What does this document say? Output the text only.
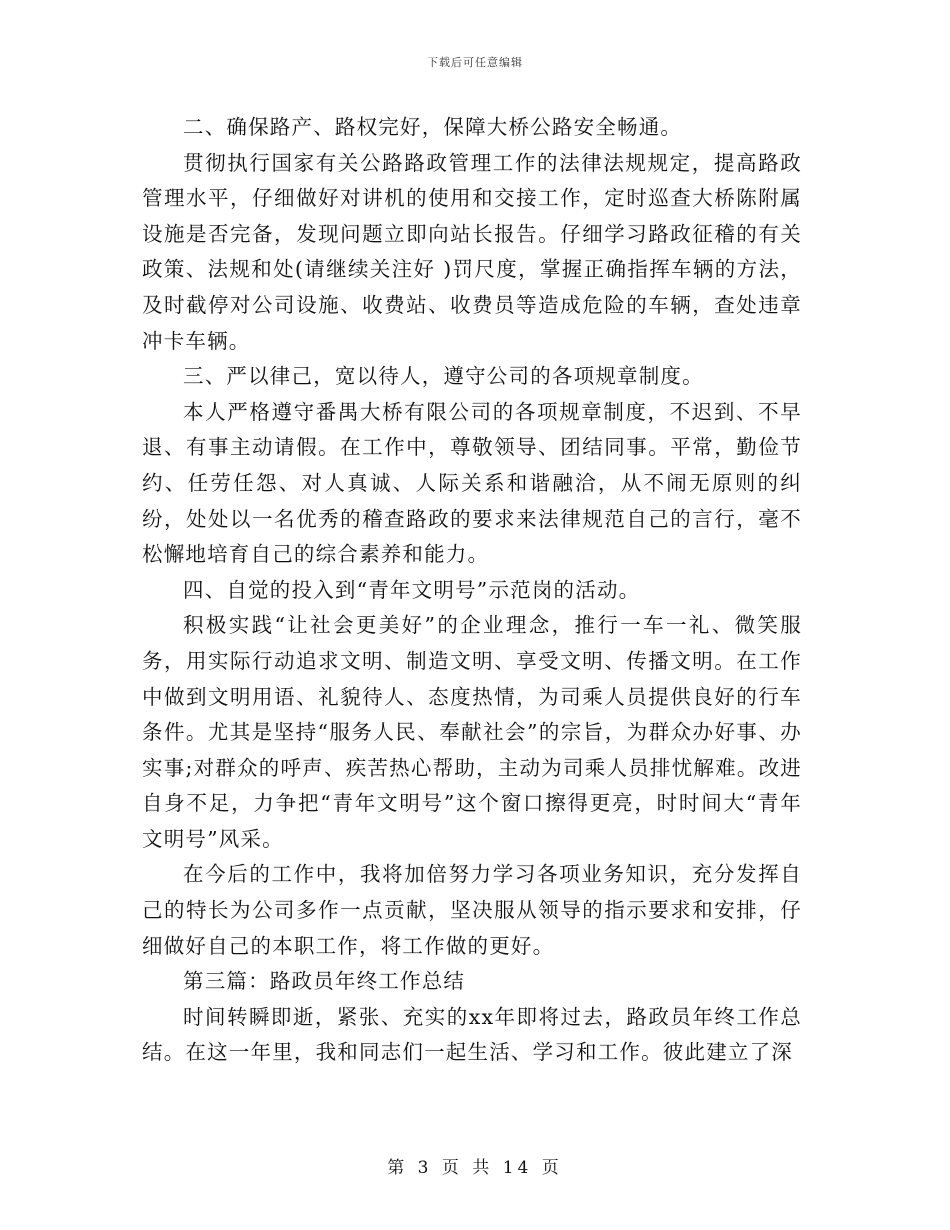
下载后可任意编辑

二、确保路产、路权完好，保障大桥公路安全畅通。

贯彻执行国家有关公路路政管理工作的法律法规规定，提高路政管理水平，仔细做好对讲机的使用和交接工作，定时巡查大桥陈附属设施是否完备，发现问题立即向站长报告。仔细学习路政征稽的有关政策、法规和处(请继续关注好 )罚尺度，掌握正确指挥车辆的方法，及时截停对公司设施、收费站、收费员等造成危险的车辆，查处违章冲卡车辆。

三、严以律己，宽以待人，遵守公司的各项规章制度。

本人严格遵守番禺大桥有限公司的各项规章制度，不迟到、不早退、有事主动请假。在工作中，尊敬领导、团结同事。平常，勤俭节约、任劳任怨、对人真诚、人际关系和谐融洽，从不闹无原则的纠纷，处处以一名优秀的稽查路政的要求来法律规范自己的言行，毫不松懈地培育自己的综合素养和能力。

四、自觉的投入到“青年文明号”示范岗的活动。

积极实践“让社会更美好”的企业理念，推行一车一礼、微笑服务，用实际行动追求文明、制造文明、享受文明、传播文明。在工作中做到文明用语、礼貌待人、态度热情，为司乘人员提供良好的行车条件。尤其是坚持“服务人民、奉献社会”的宗旨，为群众办好事、办实事;对群众的呼声、疾苦热心帮助，主动为司乘人员排忧解难。改进自身不足，力争把“青年文明号”这个窗口擦得更亮，时时间大“青年文明号”风采。

在今后的工作中，我将加倍努力学习各项业务知识，充分发挥自己的特长为公司多作一点贡献，坚决服从领导的指示要求和安排，仔细做好自己的本职工作，将工作做的更好。

第三篇：路政员年终工作总结

时间转瞬即逝，紧张、充实的xx年即将过去，路政员年终工作总结。在这一年里，我和同志们一起生活、学习和工作。彼此建立了深

第 3 页 共 14 页
